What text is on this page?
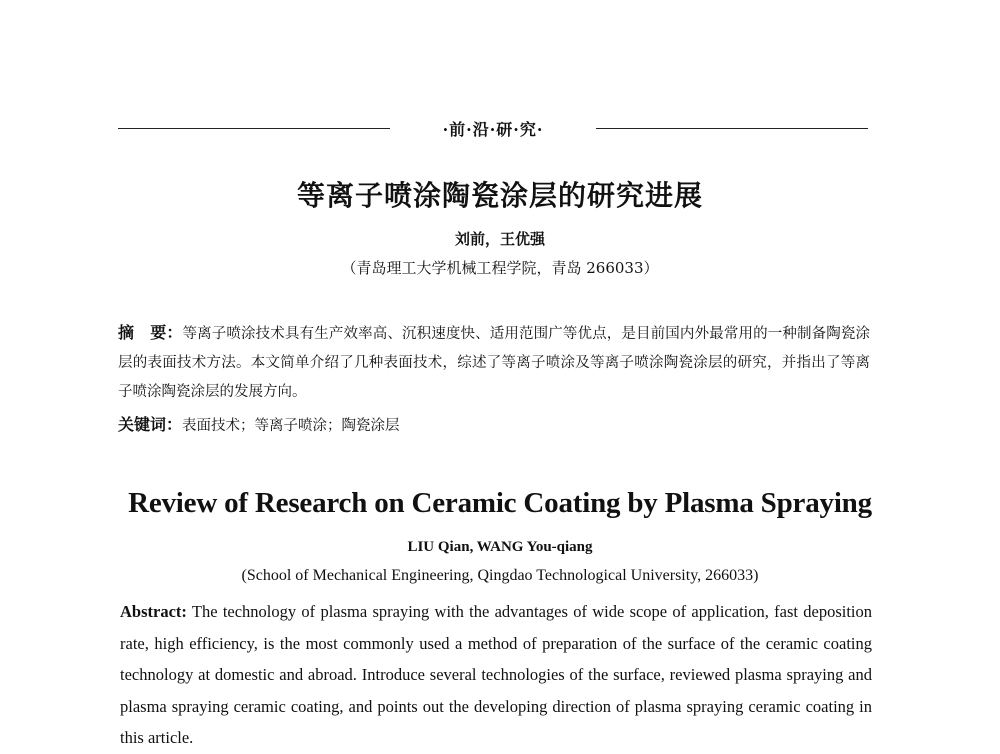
·前·沿·研·究·
等离子喷涂陶瓷涂层的研究进展
刘前，王优强
（青岛理工大学机械工程学院，青岛 266033）
摘　要：等离子喷涂技术具有生产效率高、沉积速度快、适用范围广等优点，是目前国内外最常用的一种制备陶瓷涂层的表面技术方法。本文简单介绍了几种表面技术，综述了等离子喷涂及等离子喷涂陶瓷涂层的研究，并指出了等离子喷涂陶瓷涂层的发展方向。
关键词：表面技术；等离子喷涂；陶瓷涂层
Review of Research on Ceramic Coating by Plasma Spraying
LIU Qian, WANG You-qiang
(School of Mechanical Engineering, Qingdao Technological University, 266033)
Abstract: The technology of plasma spraying with the advantages of wide scope of application, fast deposition rate, high efficiency, is the most commonly used a method of preparation of the surface of the ceramic coating technology at domestic and abroad. Introduce several technologies of the surface, reviewed plasma spraying and plasma spraying ceramic coating, and points out the developing direction of plasma spraying ceramic coating in this article.
